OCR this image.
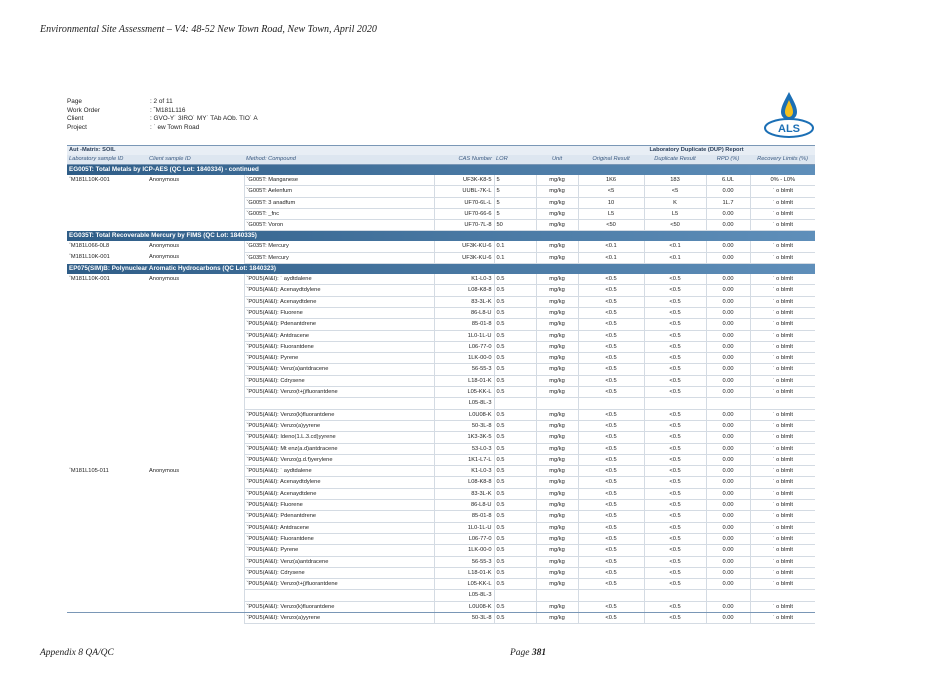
Environmental Site Assessment – V4: 48-52 New Town Road, New Town, April 2020
Page	: 2 of 11
Work Order	: ˇM181L116
Client	: GVO-Y˙ 3IRO˙ MY˙ TAb AOb. TIO˙ A
Project	: ˙ ew Town Road	ALS
Aut -Matrix: SOIL						Laboratory Duplicate (DUP) Report			
Laboratory sample ID	Client sample ID	Method: Compound	CAS Number	LOR	Unit	Original Result	Duplicate Result	RPD (%)	Recovery Limits (%)
EG005T: Total Metals by ICP-AES (QC Lot: 1840334) - continued									
ˇM181L10K-001	Anonymous	ˇG005T: Manganese	UF3K-K8-5	5	mg/kg	1K6	183	6.UL	0% - L0%
		ˇG005T: Aelenfum	UUBL-7K-L	5	mg/kg	<5	<5	0.00	˙ o blmlt
		ˇG005T: 3 anadfum	UF70-6L-L	5	mg/kg	10	K	1L.7	˙ o blmlt
		ˇG005T: _fnc	UF70-66-6	5	mg/kg	L5	L5	0.00	˙ o blmlt
		ˇG005T: Voron	UF70-7L-8	50	mg/kg	<50	<50	0.00	˙ o blmlt
EG035T: Total Recoverable Mercury by FIMS (QC Lot: 1840335)									
ˇM181L066-0L8	Anonymous	ˇG035T: Mercury	UF3K-KU-6	0.1	mg/kg	<0.1	<0.1	0.00	˙ o blmlt
ˇM181L10K-001	Anonymous	ˇG035T: Mercury	UF3K-KU-6	0.1	mg/kg	<0.1	<0.1	0.00	˙ o blmlt
EP075(SIM)B: Polynuclear Aromatic Hydrocarbons (QC Lot: 1840323)									
ˇM181L10K-001	Anonymous	ˇP0U5(AI&I): ˙ aydtdalene	K1-L0-3	0.5	mg/kg	<0.5	<0.5	0.00	˙ o blmlt
		ˇP0U5(AI&I): Acenaydtdylene	L08-K8-8	0.5	mg/kg	<0.5	<0.5	0.00	˙ o blmlt
		ˇP0U5(AI&I): Acenaydtdene	83-3L-K	0.5	mg/kg	<0.5	<0.5	0.00	˙ o blmlt
		ˇP0U5(AI&I): Fluorene	86-L8-U	0.5	mg/kg	<0.5	<0.5	0.00	˙ o blmlt
		ˇP0U5(AI&I): Pdenantdrene	85-01-8	0.5	mg/kg	<0.5	<0.5	0.00	˙ o blmlt
		ˇP0U5(AI&I): Antdracene	1L0-1L-U	0.5	mg/kg	<0.5	<0.5	0.00	˙ o blmlt
		ˇP0U5(AI&I): Fluorantdene	L06-77-0	0.5	mg/kg	<0.5	<0.5	0.00	˙ o blmlt
		ˇP0U5(AI&I): Pyrene	1LK-00-0	0.5	mg/kg	<0.5	<0.5	0.00	˙ o blmlt
		ˇP0U5(AI&I): Venz(a)antdracene	56-55-3	0.5	mg/kg	<0.5	<0.5	0.00	˙ o blmlt
		ˇP0U5(AI&I): Cdrysene	L18-01-K	0.5	mg/kg	<0.5	<0.5	0.00	˙ o blmlt
		ˇP0U5(AI&I): Venzo(t+j)fluorantdene	L05-KK-L	0.5	mg/kg	<0.5	<0.5	0.00	˙ o blmlt
			L05-8L-3						
		ˇP0U5(AI&I): Venzo(k)fluorantdene	L0U08-K	0.5	mg/kg	<0.5	<0.5	0.00	˙ o blmlt
		ˇP0U5(AI&I): Venzo(a)yyrene	50-3L-8	0.5	mg/kg	<0.5	<0.5	0.00	˙ o blmlt
		ˇP0U5(AI&I): Ideno(1.L.3.cd)yyrene	1K3-3K-5	0.5	mg/kg	<0.5	<0.5	0.00	˙ o blmlt
		ˇP0U5(AI&I): Mt enz(a.d)antdracene	53-L0-3	0.5	mg/kg	<0.5	<0.5	0.00	˙ o blmlt
		ˇP0U5(AI&I): Venzo(g.d.f)yerylene	1K1-L7-L	0.5	mg/kg	<0.5	<0.5	0.00	˙ o blmlt
ˇM181L105-011	Anonymous	ˇP0U5(AI&I): ˙ aydtdalene	K1-L0-3	0.5	mg/kg	<0.5	<0.5	0.00	˙ o blmlt
		ˇP0U5(AI&I): Acenaydtdylene	L08-K8-8	0.5	mg/kg	<0.5	<0.5	0.00	˙ o blmlt
		ˇP0U5(AI&I): Acenaydtdene	83-3L-K	0.5	mg/kg	<0.5	<0.5	0.00	˙ o blmlt
		ˇP0U5(AI&I): Fluorene	86-L8-U	0.5	mg/kg	<0.5	<0.5	0.00	˙ o blmlt
		ˇP0U5(AI&I): Pdenantdrene	85-01-8	0.5	mg/kg	<0.5	<0.5	0.00	˙ o blmlt
		ˇP0U5(AI&I): Antdracene	1L0-1L-U	0.5	mg/kg	<0.5	<0.5	0.00	˙ o blmlt
		ˇP0U5(AI&I): Fluorantdene	L06-77-0	0.5	mg/kg	<0.5	<0.5	0.00	˙ o blmlt
		ˇP0U5(AI&I): Pyrene	1LK-00-0	0.5	mg/kg	<0.5	<0.5	0.00	˙ o blmlt
		ˇP0U5(AI&I): Venz(a)antdracene	56-55-3	0.5	mg/kg	<0.5	<0.5	0.00	˙ o blmlt
		ˇP0U5(AI&I): Cdrysene	L18-01-K	0.5	mg/kg	<0.5	<0.5	0.00	˙ o blmlt
		ˇP0U5(AI&I): Venzo(t+j)fluorantdene	L05-KK-L	0.5	mg/kg	<0.5	<0.5	0.00	˙ o blmlt
			L05-8L-3						
		ˇP0U5(AI&I): Venzo(k)fluorantdene	L0U08-K	0.5	mg/kg	<0.5	<0.5	0.00	˙ o blmlt
		ˇP0U5(AI&I): Venzo(a)yyrene	50-3L-8	0.5	mg/kg	<0.5	<0.5	0.00	˙ o blmlt
Appendix 8 QA/QC	Page 381
